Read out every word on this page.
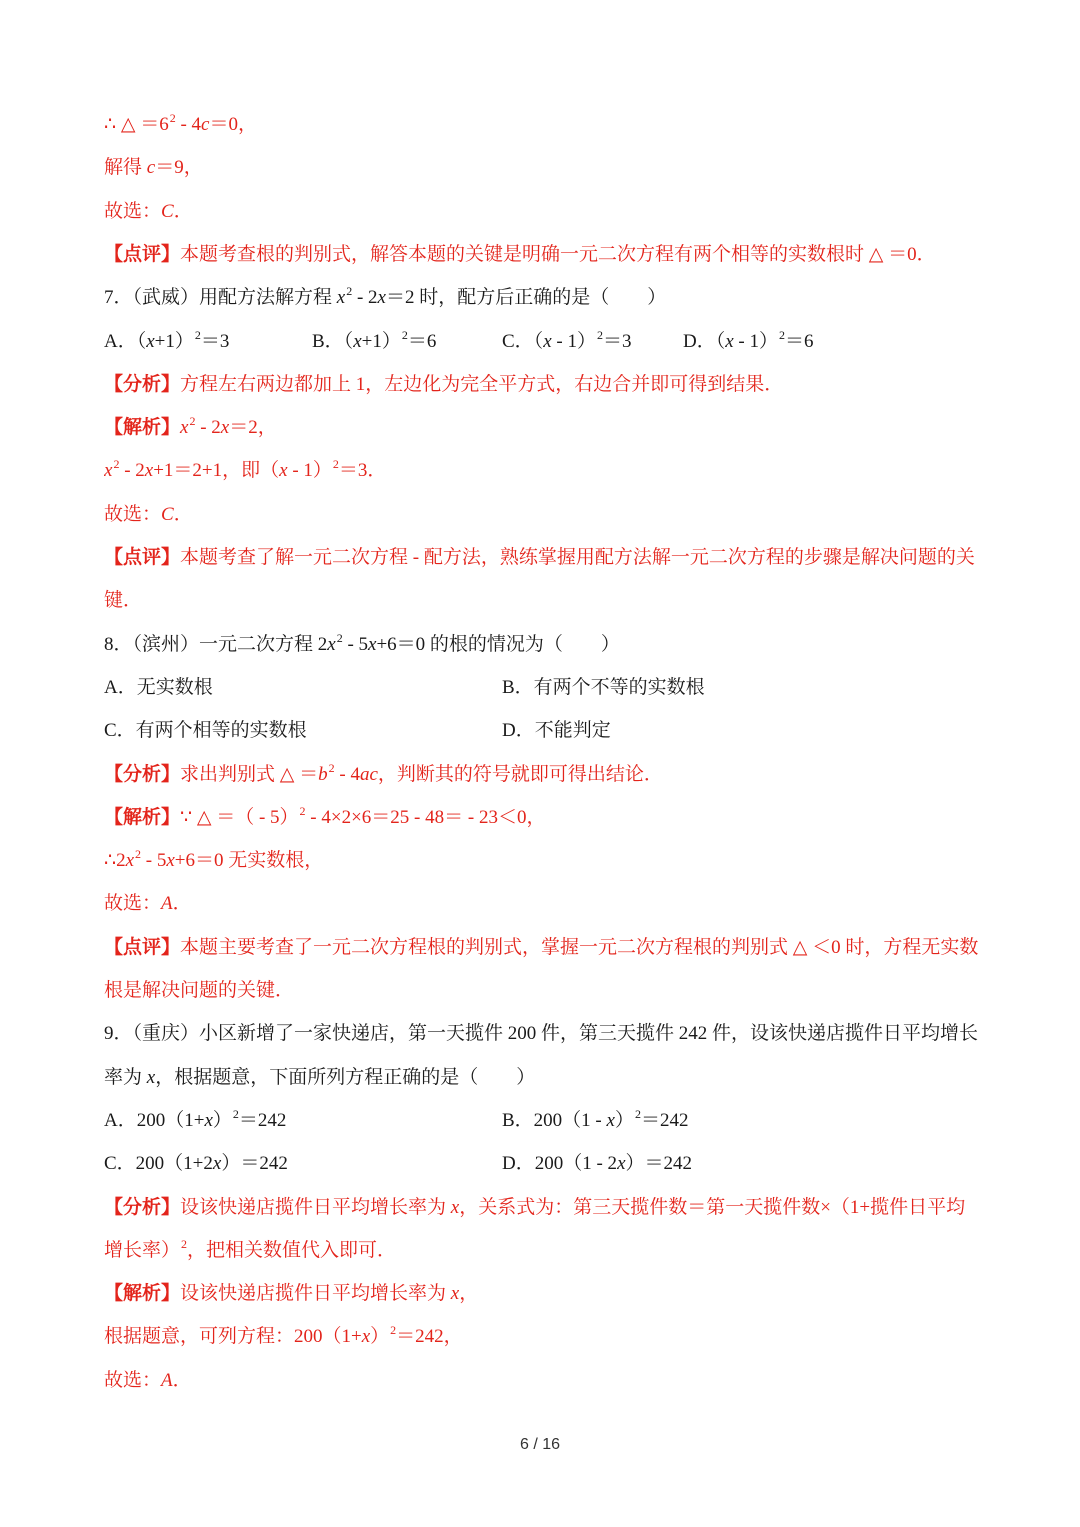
∴ △ $=6^2 - 4c=0$，
解得 c＝9，
故选：C．
【点评】本题考查根的判别式，解答本题的关键是明确一元二次方程有两个相等的实数根时 △ ＝0．
7．（武威）用配方法解方程 $x^2 - 2x=2$ 时，配方后正确的是（　　）
A．$(x+1)^2=3$	B．$(x+1)^2=6$	C．（x - 1）$^2$＝3	D．（x - 1）$^2$＝6
【分析】方程左右两边都加上 1，左边化为完全平方式，右边合并即可得到结果．
【解析】$x^2 - 2x=2$，
$x^2 - 2x+1=2+1$，即（x - 1）$^2$＝3．
故选：C．
【点评】本题考查了解一元二次方程 - 配方法，熟练掌握用配方法解一元二次方程的步骤是解决问题的关
键．
8．（滨州）一元二次方程 $2x^2 - 5x+6=0$ 的根的情况为（　　）
A．无实数根	B．有两个不等的实数根
C．有两个相等的实数根	D．不能判定
【分析】求出判别式 △ $=b^2 - 4ac$，判断其的符号就即可得出结论．
【解析】∵ △ ＝（ - 5）$^2$ - 4×2×6＝25 - 48＝ - 23＜0，
$\therefore 2x^2 - 5x+6=0$ 无实数根，
故选：A．
【点评】本题主要考查了一元二次方程根的判别式，掌握一元二次方程根的判别式 △ ＜0 时，方程无实数
根是解决问题的关键．
9．（重庆）小区新增了一家快递店，第一天揽件 200 件，第三天揽件 242 件，设该快递店揽件日平均增长
率为 x，根据题意，下面所列方程正确的是（　　）
A．$200(1+x)^2=242$	B．200（1 - x）$^2$＝242
C．200（1+2x）＝242	D．200（1 - 2x）＝242
【分析】设该快递店揽件日平均增长率为 x，关系式为：第三天揽件数＝第一天揽件数×（1+揽件日平均
增长率）$^2$，把相关数值代入即可．
【解析】设该快递店揽件日平均增长率为 x，
根据题意，可列方程：$200(1+x)^2=242$，
故选：A．
6 / 16
